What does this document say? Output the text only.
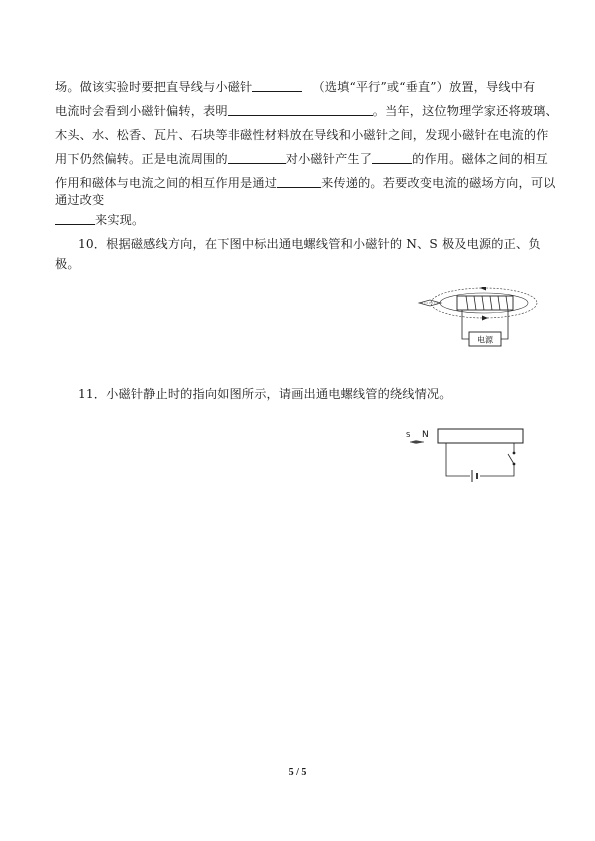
场。做该实验时要把直导线与小磁针	（选填“平行”或“垂直”）放置，导线中有
电流时会看到小磁针偏转，表明	。当年，这位物理学家还将玻璃、
木头、水、松香、瓦片、石块等非磁性材料放在导线和小磁针之间，发现小磁针在电流的作
用下仍然偏转。正是电流周围的	对小磁针产生了	的作用。磁体之间的相互
作用和磁体与电流之间的相互作用是通过	来传递的。若要改变电流的磁场方向，可以
通过改变
来实现。
10．根据磁感线方向，在下图中标出通电螺线管和小磁针的 N、S 极及电源的正、负
极。
电源
11．小磁针静止时的指向如图所示，请画出通电螺线管的绕线情况。
S N
5 / 5
